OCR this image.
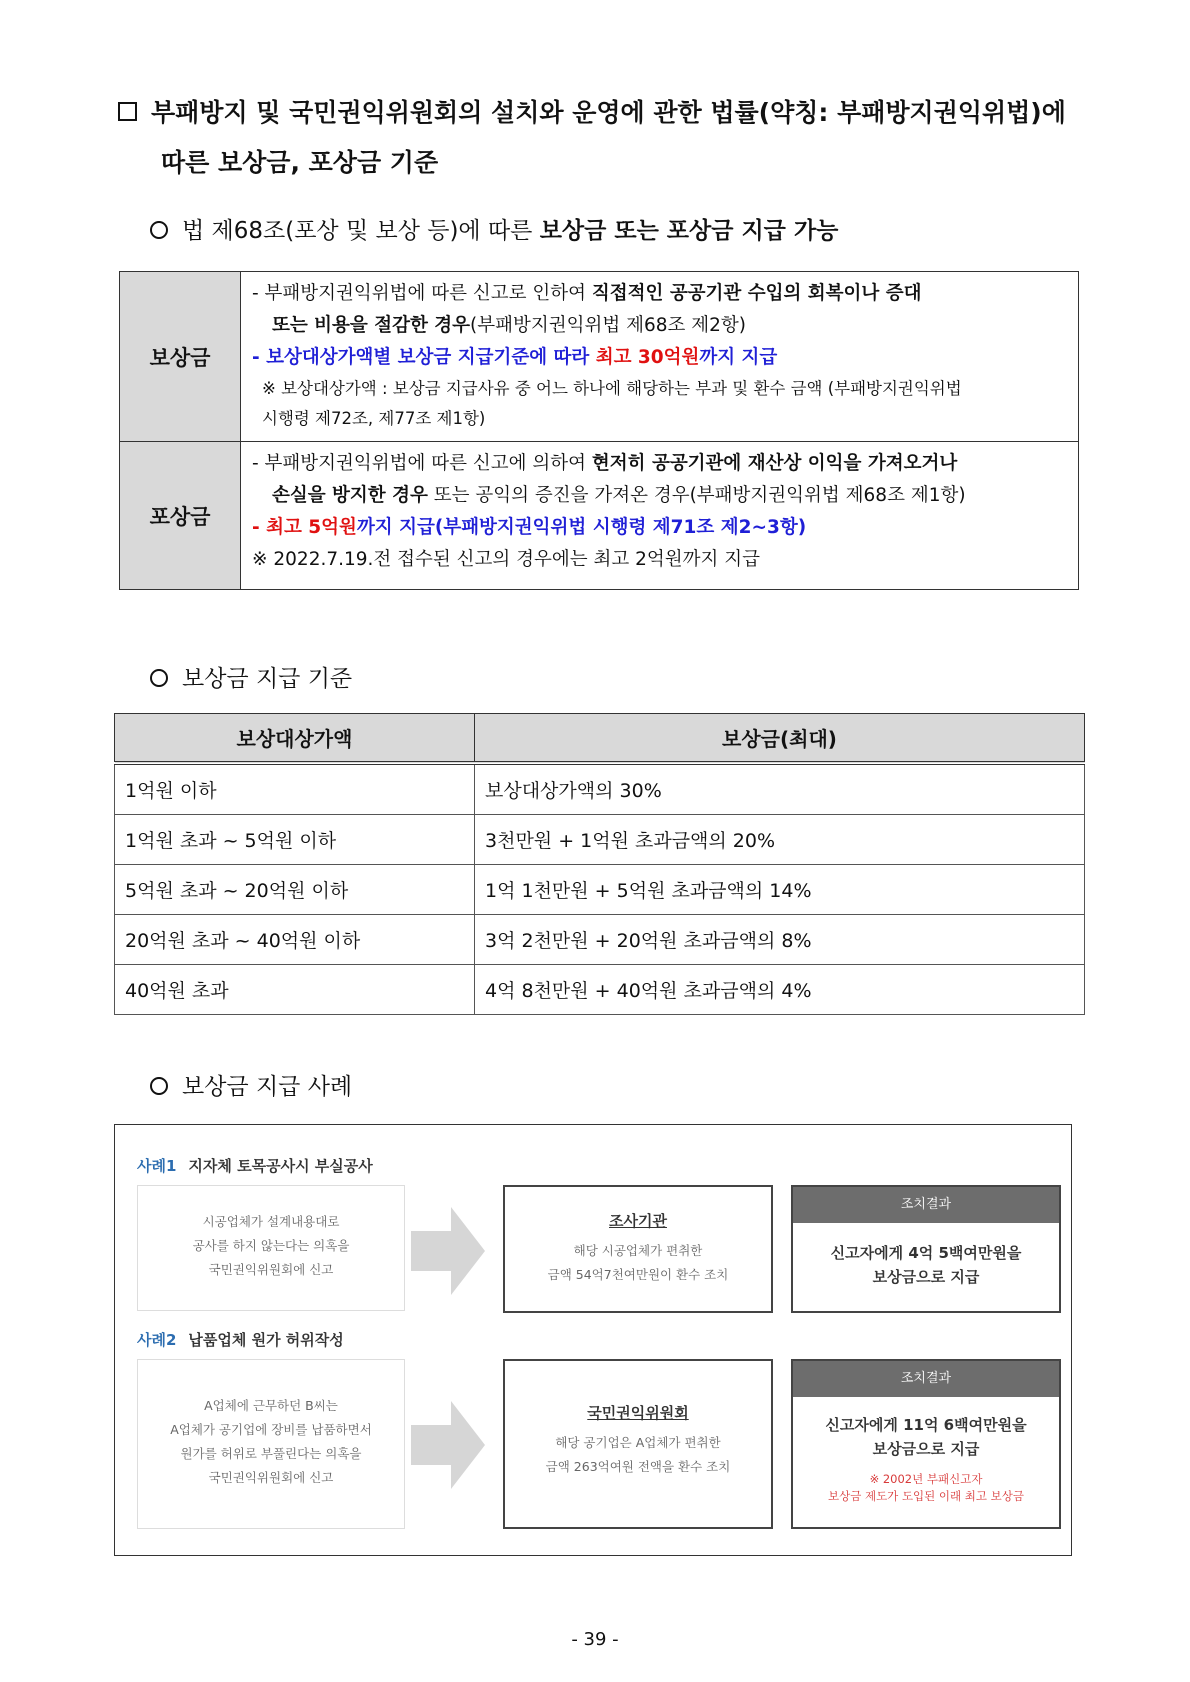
부패방지 및 국민권익위원회의 설치와 운영에 관한 법률(약칭: 부패방지권익위법)에
따른 보상금, 포상금 기준
법 제68조(포상 및 보상 등)에 따른 보상금 또는 포상금 지급 가능
보상금
- 부패방지권익위법에 따른 신고로 인하여 직접적인 공공기관 수입의 회복이나 증대
또는 비용을 절감한 경우(부패방지권익위법 제68조 제2항)
- 보상대상가액별 보상금 지급기준에 따라 최고 30억원까지 지급
※ 보상대상가액 : 보상금 지급사유 중 어느 하나에 해당하는 부과 및 환수 금액 (부패방지권익위법
시행령 제72조, 제77조 제1항)
포상금
- 부패방지권익위법에 따른 신고에 의하여 현저히 공공기관에 재산상 이익을 가져오거나
손실을 방지한 경우 또는 공익의 증진을 가져온 경우(부패방지권익위법 제68조 제1항)
- 최고 5억원까지 지급(부패방지권익위법 시행령 제71조 제2~3항)
※ 2022.7.19.전 접수된 신고의 경우에는 최고 2억원까지 지급
보상금 지급 기준
보상대상가액	보상금(최대)
1억원 이하	보상대상가액의 30%
1억원 초과 ~ 5억원 이하	3천만원 + 1억원 초과금액의 20%
5억원 초과 ~ 20억원 이하	1억 1천만원 + 5억원 초과금액의 14%
20억원 초과 ~ 40억원 이하	3억 2천만원 + 20억원 초과금액의 8%
40억원 초과	4억 8천만원 + 40억원 초과금액의 4%
보상금 지급 사례
사례1 지자체 토목공사시 부실공사
시공업체가 설계내용대로
공사를 하지 않는다는 의혹을
국민권익위원회에 신고
조사기관
해당 시공업체가 편취한
금액 54억7천여만원이 환수 조치
조치결과
신고자에게 4억 5백여만원을
보상금으로 지급
사례2 납품업체 원가 허위작성
A업체에 근무하던 B씨는
A업체가 공기업에 장비를 납품하면서
원가를 허위로 부풀린다는 의혹을
국민권익위원회에 신고
국민권익위원회
해당 공기업은 A업체가 편취한
금액 263억여원 전액을 환수 조치
조치결과
신고자에게 11억 6백여만원을
보상금으로 지급
※ 2002년 부패신고자
보상금 제도가 도입된 이래 최고 보상금
- 39 -
